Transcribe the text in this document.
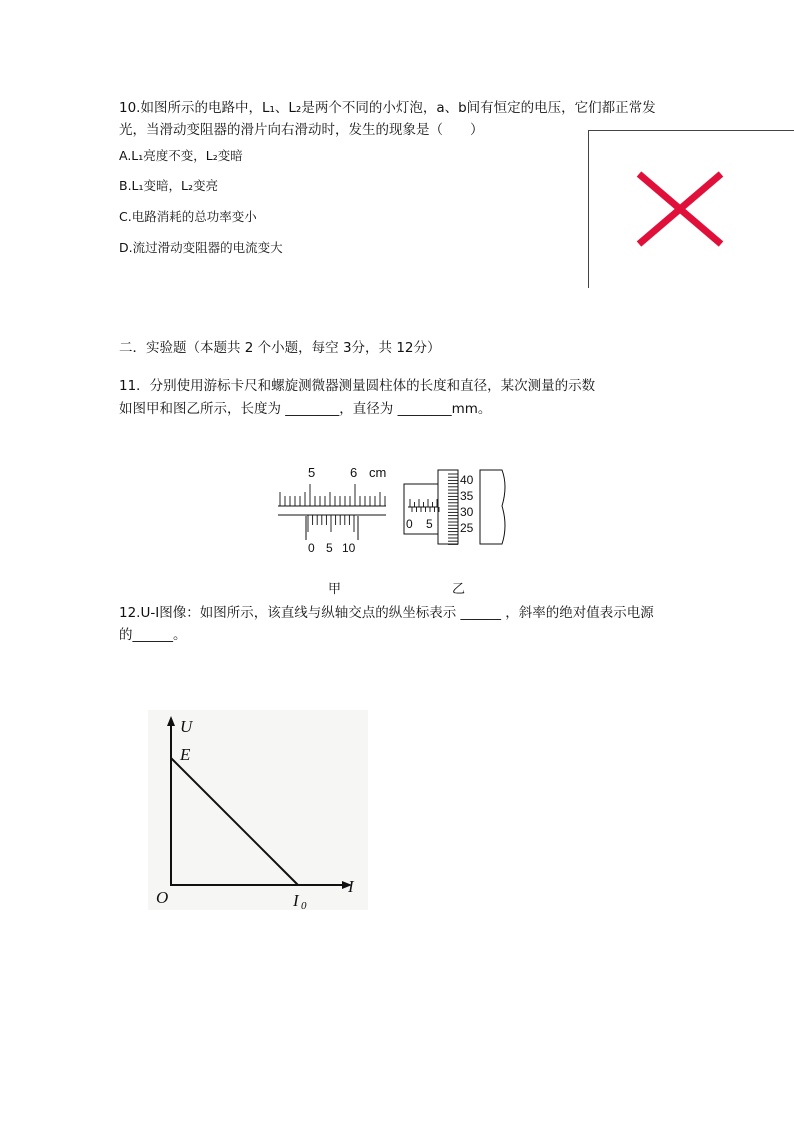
10.如图所示的电路中，L₁、L₂是两个不同的小灯泡，a、b间有恒定的电压，它们都正常发
光，当滑动变阻器的滑片向右滑动时，发生的现象是（　　）
A.L₁亮度不变，L₂变暗
B.L₁变暗，L₂变亮
C.电路消耗的总功率变小
D.流过滑动变阻器的电流变大
二．实验题（本题共 2 个小题，每空 3分，共 12分）
11．分别使用游标卡尺和螺旋测微器测量圆柱体的长度和直径，某次测量的示数
如图甲和图乙所示，长度为 ________，直径为 ________mm。
5	6 cm
0 5 10
0 5
40
35
30
25
甲	乙
12.U-I图像：如图所示，该直线与纵轴交点的纵坐标表示 ______ ，斜率的绝对值表示电源
的______。
U
I
O
E
I 0
